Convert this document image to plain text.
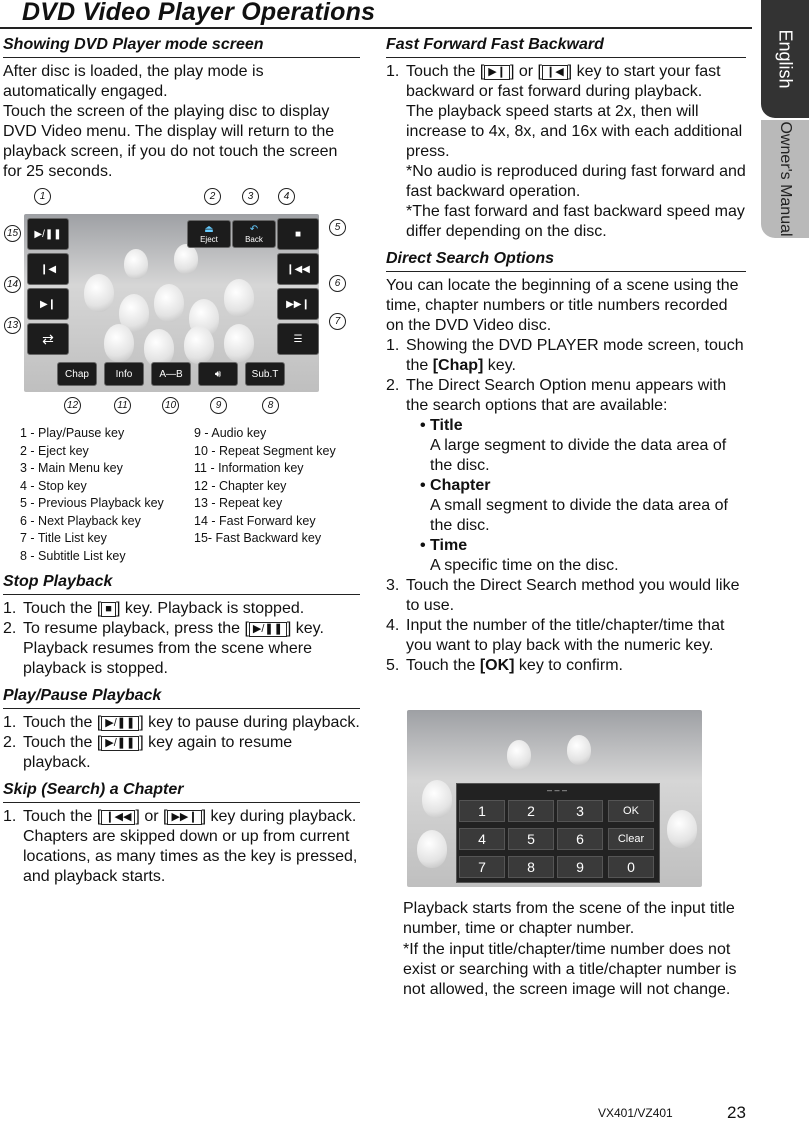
DVD Video Player Operations
English
Owner's Manual
Showing DVD Player mode screen
After disc is loaded, the play mode is automatically engaged.
Touch the screen of the playing disc to display DVD Video menu. The display will return to the playback screen, if you do not touch the screen for 25 seconds.
▶/❚❚
❙◀
▶❙
⇄
⏏
Eject
↶
Back	■
❙◀◀
▶▶❙
☰
Chap	Info	A—B	🔊︎	Sub.T
1	2	3	4
5
6
7
8
9
10
11
12
13
14
15
1 - Play/Pause key
2 - Eject key
3 - Main Menu key
4 - Stop key
5 - Previous Playback key
6 - Next Playback key
7 - Title List key
8 - Subtitle List key
9 - Audio key
10 - Repeat Segment key
11 - Information key
12 - Chapter key
13 - Repeat key
14 - Fast Forward key
15- Fast Backward key
Stop Playback
1. Touch the [ ■ ] key. Playback is stopped.
2. To resume playback, press the [ ▶/❚❚ ] key. Playback resumes from the scene where playback is stopped.
Play/Pause Playback
1. Touch the [ ▶/❚❚ ] key to pause during playback.
2. Touch the [ ▶/❚❚ ] key again to resume playback.
Skip (Search) a Chapter
1. Touch the [ ❙◀◀ ] or [ ▶▶❙ ] key during playback.
Chapters are skipped down or up from current locations, as many times as the key is pressed, and playback starts.
Fast Forward Fast Backward
1. Touch the [ ▶❙ ] or [ ❙◀ ] key to start your fast backward or fast forward during playback.
The playback speed starts at 2x, then will increase to 4x, 8x, and 16x with each additional press.
*No audio is reproduced during fast forward and fast backward operation.
*The fast forward and fast backward speed may differ depending on the disc.
Direct Search Options
You can locate the beginning of a scene using the time, chapter numbers or title numbers recorded on the DVD Video disc.
1. Showing the DVD PLAYER mode screen, touch the [Chap] key.
2. The Direct Search Option menu appears with the search options that are available:
• Title
A large segment to divide the data area of the disc.
• Chapter
A small segment to divide the data area of the disc.
• Time
A specific time on the disc.
3. Touch the Direct Search method you would like to use.
4. Input the number of the title/chapter/time that you want to play back with the numeric key.
5. Touch the [OK] key to confirm.
– – –
1	2	3	OK
4	5	6	Clear
7	8	9	0
Playback starts from the scene of the input title number, time or chapter number.
*If the input title/chapter/time number does not exist or searching with a title/chapter number is not allowed, the screen image will not change.
VX401/VZ401	23
